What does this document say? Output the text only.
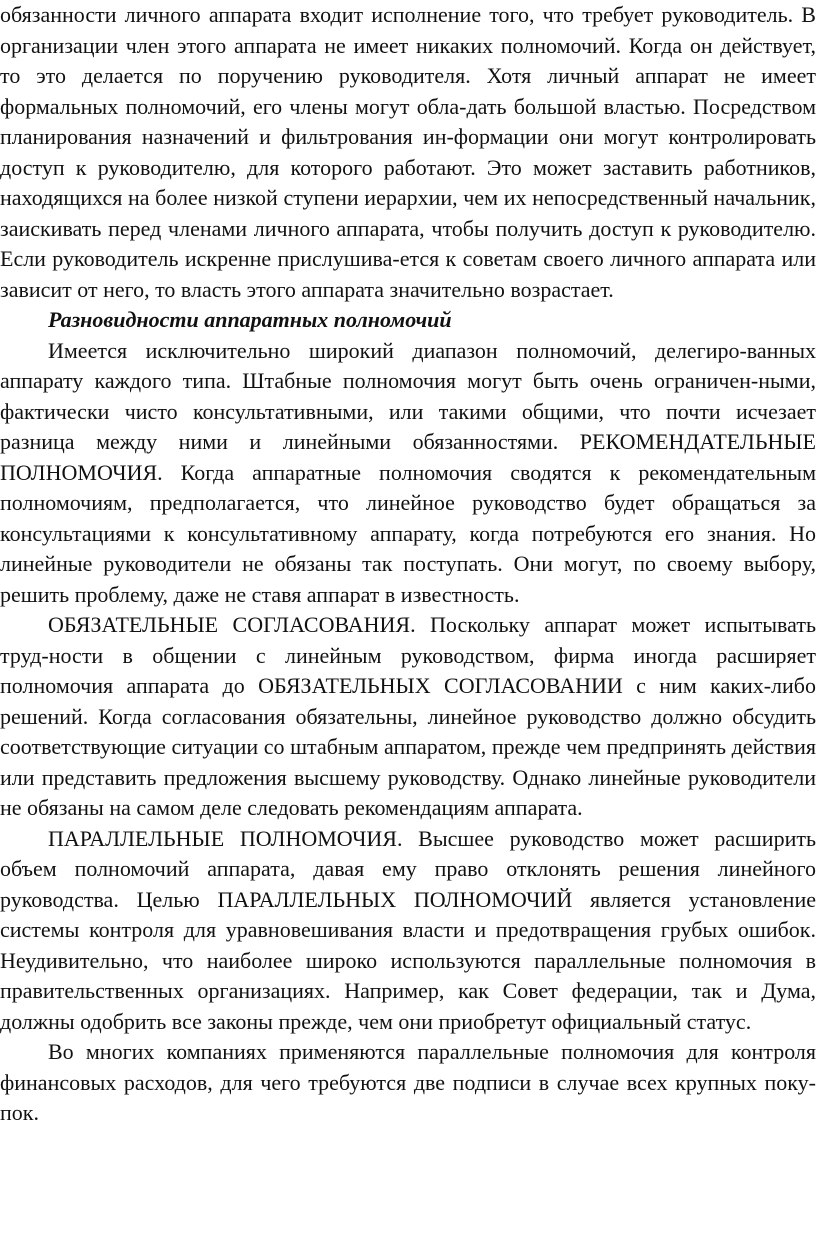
обязанности личного аппарата входит исполнение того, что требует руководитель. В организации член этого аппарата не имеет никаких полномочий. Когда он действует, то это делается по поручению руководителя. Хотя личный аппарат не имеет формальных полномочий, его члены могут обла-дать большой властью. Посредством планирования назначений и фильтрования ин-формации они могут контролировать доступ к руководителю, для которого работают. Это может заставить работников, находящихся на более низкой ступени иерархии, чем их непосредственный начальник, заискивать перед членами личного аппарата, чтобы получить доступ к руководителю. Если руководитель искренне прислушива-ется к советам своего личного аппарата или зависит от него, то власть этого аппарата значительно возрастает.

Разновидности аппаратных полномочий

Имеется исключительно широкий диапазон полномочий, делегиро-ванных аппарату каждого типа. Штабные полномочия могут быть очень ограничен-ными, фактически чисто консультативными, или такими общими, что почти исчезает разница между ними и линейными обязанностями. РЕКОМЕНДАТЕЛЬНЫЕ ПОЛНОМОЧИЯ. Когда аппаратные полномочия сводятся к рекомендательным полномочиям, предполагается, что линейное руководство будет обращаться за консультациями к консультативному аппарату, когда потребуются его знания. Но линейные руководители не обязаны так поступать. Они могут, по своему выбору, решить проблему, даже не ставя аппарат в известность.

ОБЯЗАТЕЛЬНЫЕ СОГЛАСОВАНИЯ. Поскольку аппарат может испытывать труд-ности в общении с линейным руководством, фирма иногда расширяет полномочия аппарата до ОБЯЗАТЕЛЬНЫХ СОГЛАСОВАНИИ с ним каких-либо решений. Когда согласования обязательны, линейное руководство должно обсудить соответствующие ситуации со штабным аппаратом, прежде чем предпринять действия или представить предложения высшему руководству. Однако линейные руководители не обязаны на самом деле следовать рекомендациям аппарата.

ПАРАЛЛЕЛЬНЫЕ ПОЛНОМОЧИЯ. Высшее руководство может расширить объем полномочий аппарата, давая ему право отклонять решения линейного руководства. Целью ПАРАЛЛЕЛЬНЫХ ПОЛНОМОЧИЙ является установление системы контроля для уравновешивания власти и предотвращения грубых ошибок. Неудивительно, что наиболее широко используются параллельные полномочия в правительственных организациях. Например, как Совет федерации, так и Дума, должны одобрить все законы прежде, чем они приобретут официальный статус.

Во многих компаниях применяются параллельные полномочия для контроля финансовых расходов, для чего требуются две подписи в случае всех крупных поку-пок.
